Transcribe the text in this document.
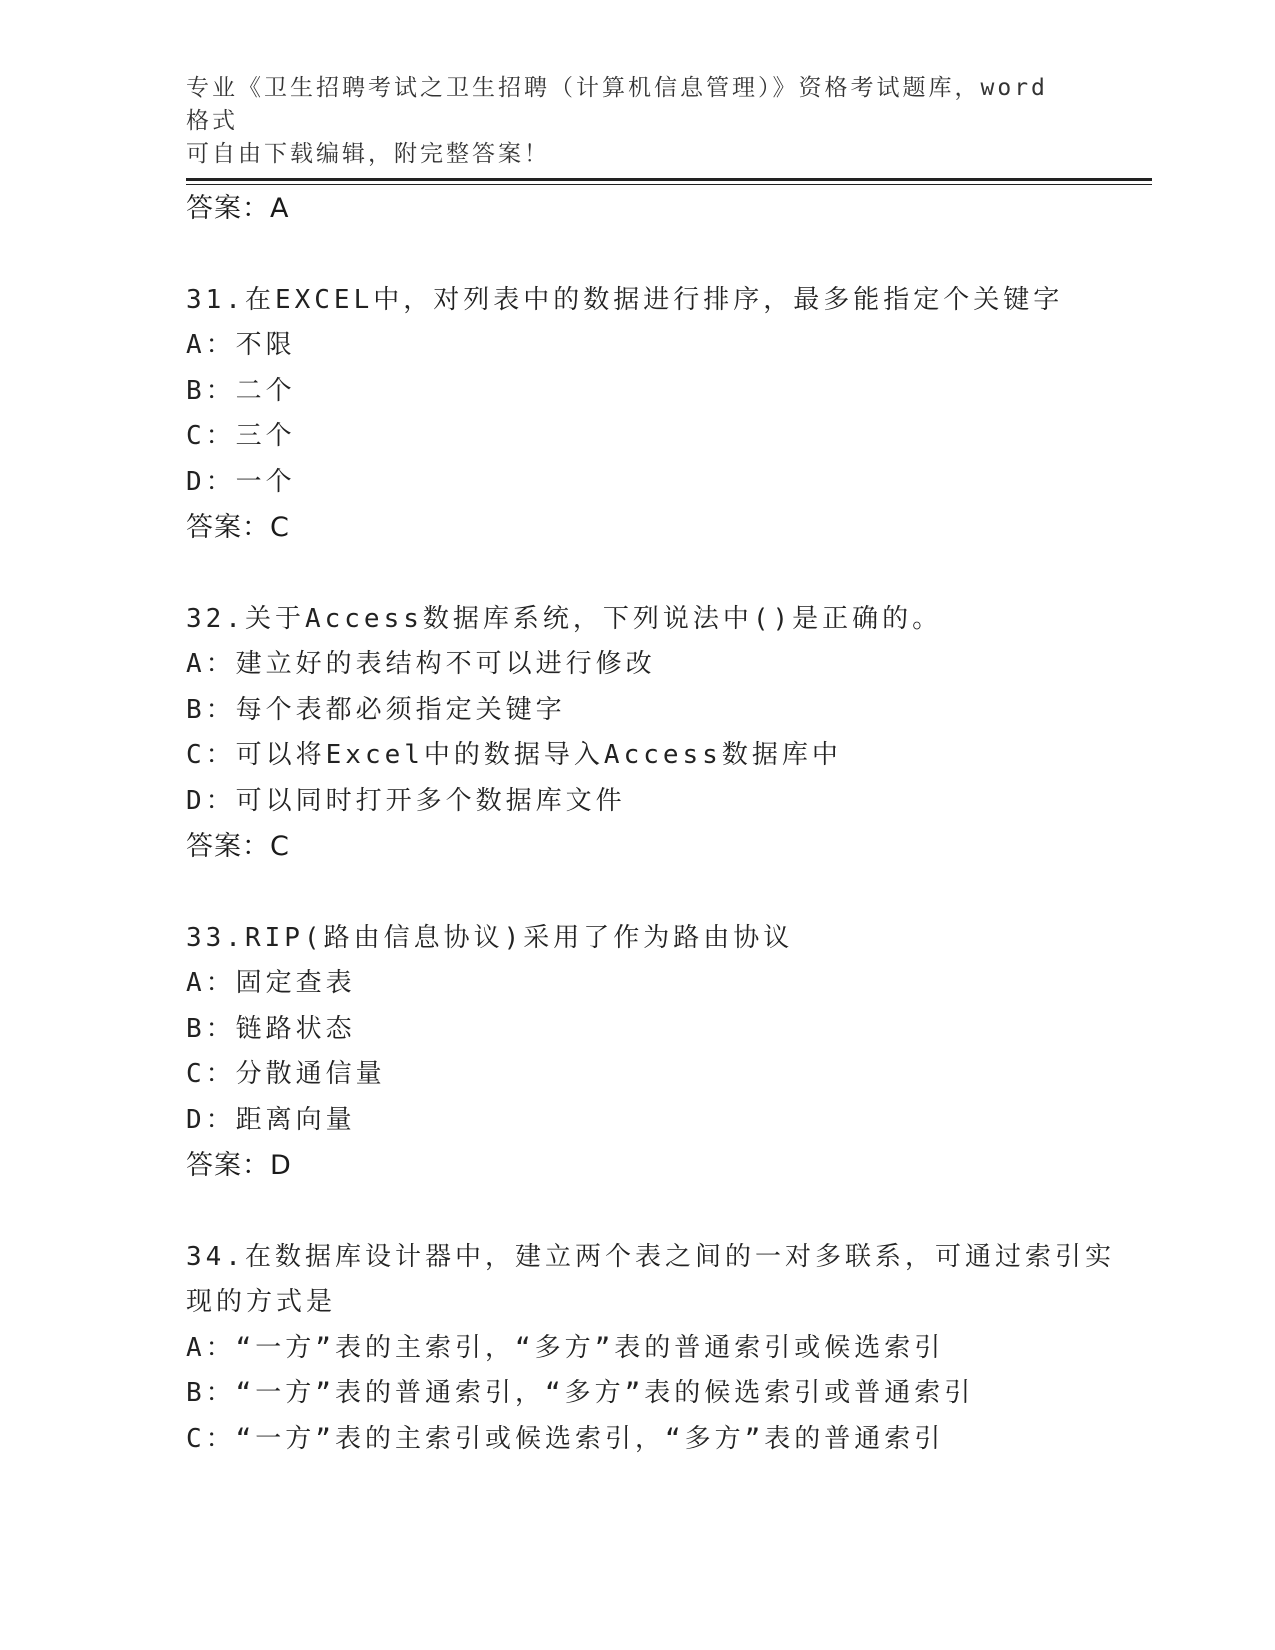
专业《卫生招聘考试之卫生招聘（计算机信息管理）》资格考试题库，word格式
可自由下载编辑，附完整答案！
答案：A
31.在EXCEL中，对列表中的数据进行排序，最多能指定个关键字
A：不限
B：二个
C：三个
D：一个
答案：C
32.关于Access数据库系统，下列说法中()是正确的。
A：建立好的表结构不可以进行修改
B：每个表都必须指定关键字
C：可以将Excel中的数据导入Access数据库中
D：可以同时打开多个数据库文件
答案：C
33.RIP(路由信息协议)采用了作为路由协议
A：固定查表
B：链路状态
C：分散通信量
D：距离向量
答案：D
34.在数据库设计器中，建立两个表之间的一对多联系，可通过索引实
现的方式是
A：“一方”表的主索引，“多方”表的普通索引或候选索引
B：“一方”表的普通索引，“多方”表的候选索引或普通索引
C：“一方”表的主索引或候选索引，“多方”表的普通索引
